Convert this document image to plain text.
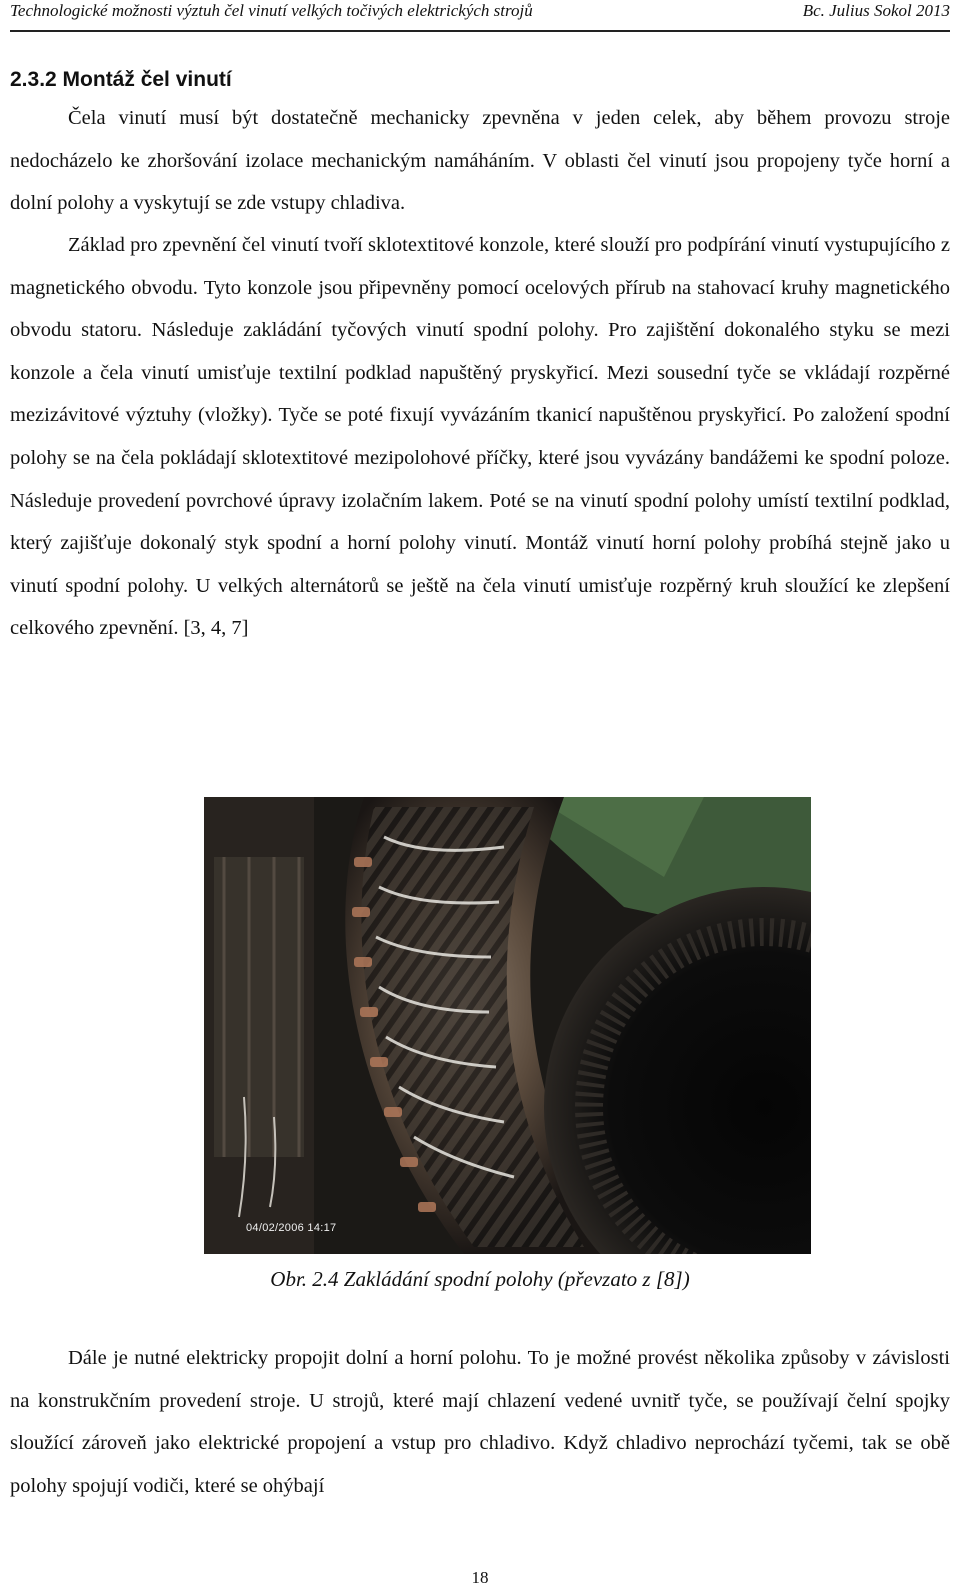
Technologické možnosti výztuh čel vinutí velkých točivých elektrických strojů	Bc. Julius Sokol 2013
2.3.2 Montáž čel vinutí

Čela vinutí musí být dostatečně mechanicky zpevněna v jeden celek, aby během provozu stroje nedocházelo ke zhoršování izolace mechanickým namáháním. V oblasti čel vinutí jsou propojeny tyče horní a dolní polohy a vyskytují se zde vstupy chladiva.

Základ pro zpevnění čel vinutí tvoří sklotextitové konzole, které slouží pro podpírání vinutí vystupujícího z magnetického obvodu. Tyto konzole jsou připevněny pomocí ocelových přírub na stahovací kruhy magnetického obvodu statoru. Následuje zakládání tyčových vinutí spodní polohy. Pro zajištění dokonalého styku se mezi konzole a čela vinutí umisťuje textilní podklad napuštěný pryskyřicí. Mezi sousední tyče se vkládají rozpěrné mezizávitové výztuhy (vložky). Tyče se poté fixují vyvázáním tkanicí napuštěnou pryskyřicí. Po založení spodní polohy se na čela pokládají sklotextitové mezipolohové příčky, které jsou vyvázány bandážemi ke spodní poloze. Následuje provedení povrchové úpravy izolačním lakem. Poté se na vinutí spodní polohy umístí textilní podklad, který zajišťuje dokonalý styk spodní a horní polohy vinutí. Montáž vinutí horní polohy probíhá stejně jako u vinutí spodní polohy. U velkých alternátorů se ještě na čela vinutí umisťuje rozpěrný kruh sloužící ke zlepšení celkového zpevnění. [3, 4, 7]

04/02/2006 14:17
Obr. 2.4 Zakládání spodní polohy (převzato z [8])

Dále je nutné elektricky propojit dolní a horní polohu. To je možné provést několika způsoby v závislosti na konstrukčním provedení stroje. U strojů, které mají chlazení vedené uvnitř tyče, se používají čelní spojky sloužící zároveň jako elektrické propojení a vstup pro chladivo. Když chladivo neprochází tyčemi, tak se obě polohy spojují vodiči, které se ohýbají

18
